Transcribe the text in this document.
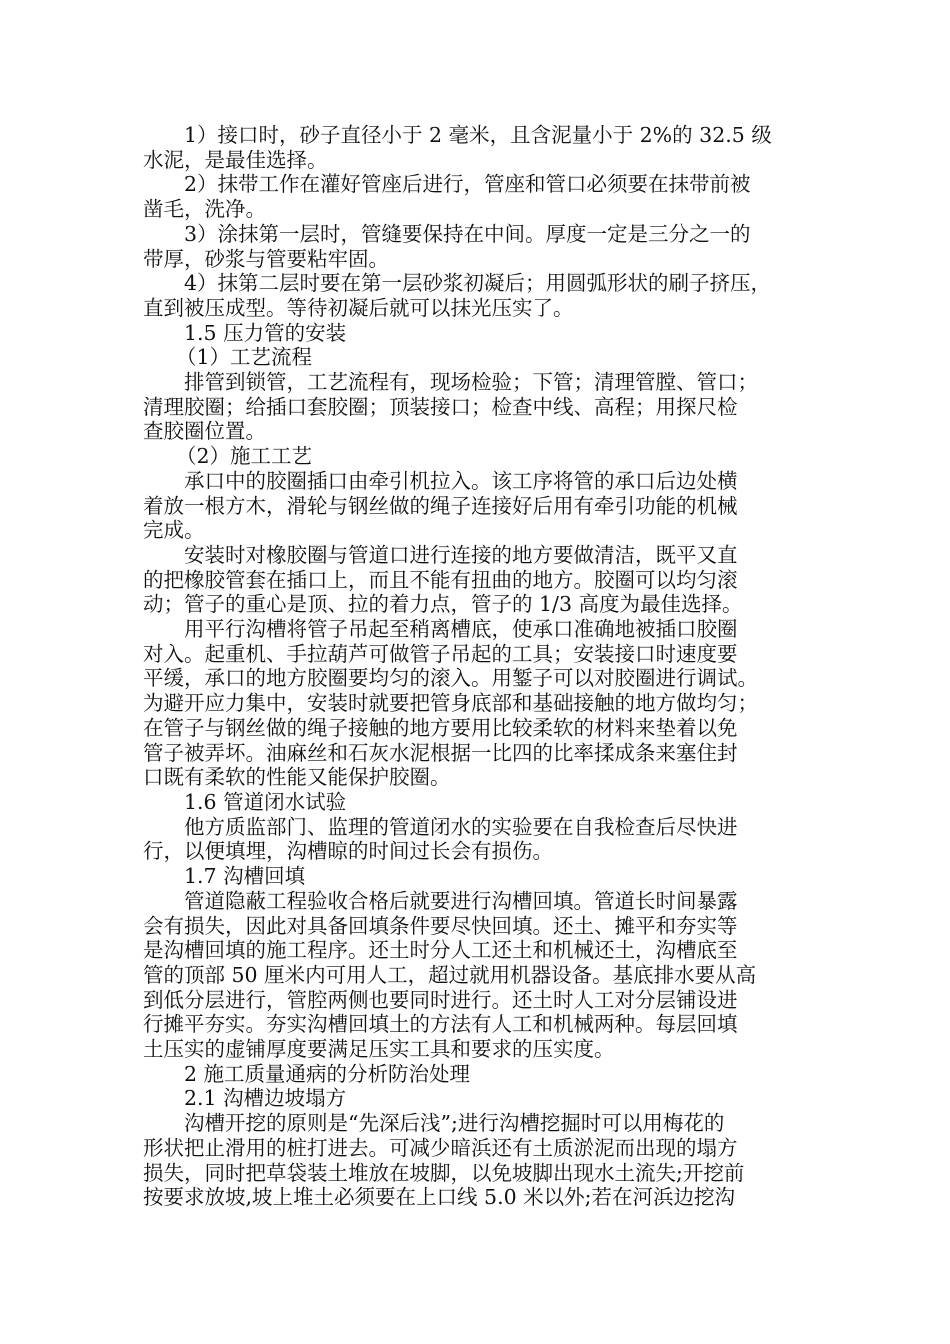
1）接口时，砂子直径小于 2 毫米，且含泥量小于 2%的 32.5 级
水泥，是最佳选择。
2）抹带工作在灌好管座后进行，管座和管口必须要在抹带前被
凿毛，洗净。
3）涂抹第一层时，管缝要保持在中间。厚度一定是三分之一的
带厚，砂浆与管要粘牢固。
4）抹第二层时要在第一层砂浆初凝后；用圆弧形状的刷子挤压，
直到被压成型。等待初凝后就可以抹光压实了。
1.5 压力管的安装
（1）工艺流程
排管到锁管，工艺流程有，现场检验；下管；清理管膛、管口；
清理胶圈；给插口套胶圈；顶装接口；检查中线、高程；用探尺检
查胶圈位置。
（2）施工工艺
承口中的胶圈插口由牵引机拉入。该工序将管的承口后边处横
着放一根方木，滑轮与钢丝做的绳子连接好后用有牵引功能的机械
完成。
安装时对橡胶圈与管道口进行连接的地方要做清洁，既平又直
的把橡胶管套在插口上，而且不能有扭曲的地方。胶圈可以均匀滚
动；管子的重心是顶、拉的着力点，管子的 1/3 高度为最佳选择。
用平行沟槽将管子吊起至稍离槽底，使承口准确地被插口胶圈
对入。起重机、手拉葫芦可做管子吊起的工具；安装接口时速度要
平缓，承口的地方胶圈要均匀的滚入。用錾子可以对胶圈进行调试。
为避开应力集中，安装时就要把管身底部和基础接触的地方做均匀；
在管子与钢丝做的绳子接触的地方要用比较柔软的材料来垫着以免
管子被弄坏。油麻丝和石灰水泥根据一比四的比率揉成条来塞住封
口既有柔软的性能又能保护胶圈。
1.6 管道闭水试验
他方质监部门、监理的管道闭水的实验要在自我检查后尽快进
行，以便填埋，沟槽晾的时间过长会有损伤。
1.7 沟槽回填
管道隐蔽工程验收合格后就要进行沟槽回填。管道长时间暴露
会有损失，因此对具备回填条件要尽快回填。还土、摊平和夯实等
是沟槽回填的施工程序。还土时分人工还土和机械还土，沟槽底至
管的顶部 50 厘米内可用人工，超过就用机器设备。基底排水要从高
到低分层进行，管腔两侧也要同时进行。还土时人工对分层铺设进
行摊平夯实。夯实沟槽回填土的方法有人工和机械两种。每层回填
土压实的虚铺厚度要满足压实工具和要求的压实度。
2 施工质量通病的分析防治处理
2.1 沟槽边坡塌方
沟槽开挖的原则是“先深后浅”;进行沟槽挖掘时可以用梅花的
形状把止滑用的桩打进去。可减少暗浜还有土质淤泥而出现的塌方
损失，同时把草袋装土堆放在坡脚，以免坡脚出现水土流失;开挖前
按要求放坡,坡上堆土必须要在上口线 5.0 米以外;若在河浜边挖沟
